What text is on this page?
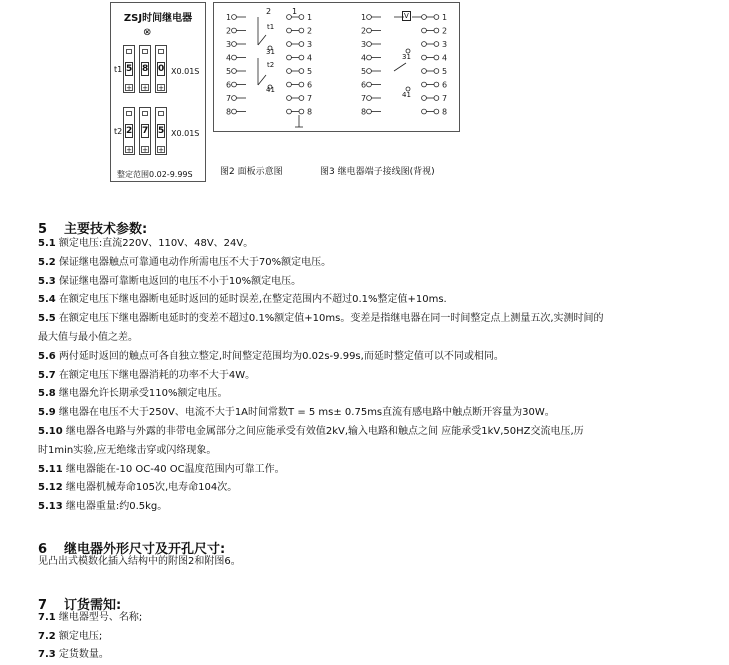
ZSJ时间继电器
⊗
t1 5
+
8
+
0
+
X0.01S
t2 2
+
7
+
5
+
X0.01S
整定范围0.02-9.99S
1	1
2	2
3	3
4	4
5	5
6	6
7	7
8	8
1	1
2	2
3	3
4	4
5	5
6	6
7	7
8	8
2	1
t1
t2
31
41
V
31
41
图2 面板示意图	图3 继电器端子接线图(背视)
5 主要技术参数:
5.1 额定电压:直流220V、110V、48V、24V。
5.2 保证继电器触点可靠通电动作所需电压不大于70%额定电压。
5.3 保证继电器可靠断电返回的电压不小于10%额定电压。
5.4 在额定电压下继电器断电延时返回的延时误差,在整定范围内不超过0.1%整定值+10ms.
5.5 在额定电压下继电器断电延时的变差不超过0.1%额定值+10ms。变差是指继电器在同一时间整定点上测量五次,实测时间的
最大值与最小值之差。
5.6 两付延时返回的触点可各自独立整定,时间整定范围均为0.02s-9.99s,而延时整定值可以不同或相同。
5.7 在额定电压下继电器消耗的功率不大于4W。
5.8 继电器允许长期承受110%额定电压。
5.9 继电器在电压不大于250V、电流不大于1A时间常数T = 5 ms± 0.75ms直流有感电路中触点断开容量为30W。
5.10 继电器各电路与外露的非带电金属部分之间应能承受有效值2kV,输入电路和触点之间 应能承受1kV,50HZ交流电压,历
时1min实验,应无绝缘击穿或闪络现象。
5.11 继电器能在-10 OC-40 OC温度范围内可靠工作。
5.12 继电器机械寿命105次,电寿命104次。
5.13 继电器重量:约0.5kg。
6 继电器外形尺寸及开孔尺寸:
见凸出式模数化插入结构中的附图2和附图6。
7 订货需知:
7.1 继电器型号、名称;
7.2 额定电压;
7.3 定货数量。
